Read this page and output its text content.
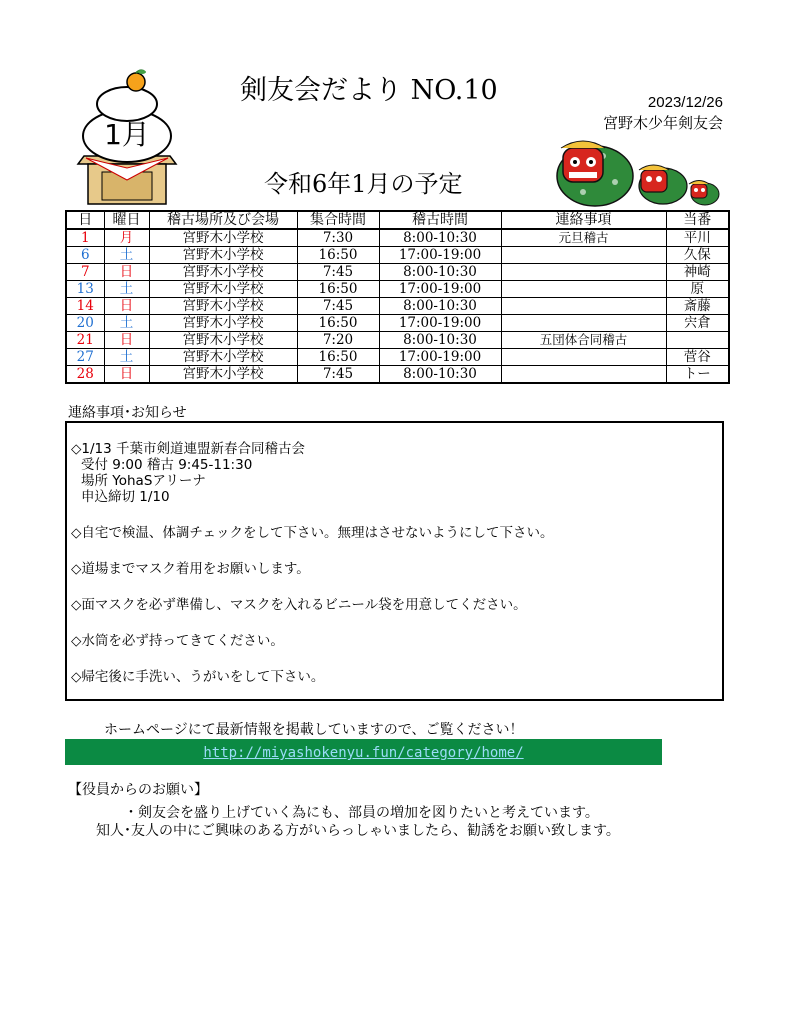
1月
剣友会だより NO.10	2023/12/26
宮野木少年剣友会
令和6年1月の予定
日	曜日	稽古場所及び会場	集合時間	稽古時間	連絡事項	当番
1	月	宮野木小学校	7:30	8:00-10:30	元旦稽古	平川
6	土	宮野木小学校	16:50	17:00-19:00		久保
7	日	宮野木小学校	7:45	8:00-10:30		神崎
13	土	宮野木小学校	16:50	17:00-19:00		原
14	日	宮野木小学校	7:45	8:00-10:30		斎藤
20	土	宮野木小学校	16:50	17:00-19:00		宍倉
21	日	宮野木小学校	7:20	8:00-10:30	五団体合同稽古	
27	土	宮野木小学校	16:50	17:00-19:00		菅谷
28	日	宮野木小学校	7:45	8:00-10:30		トー
連絡事項･お知らせ
◇1/13 千葉市剣道連盟新春合同稽古会
受付 9:00 稽古 9:45-11:30
場所 YohaSアリーナ
申込締切 1/10
◇自宅で検温、体調チェックをして下さい。無理はさせないようにして下さい。
◇道場までマスク着用をお願いします。
◇面マスクを必ず準備し、マスクを入れるビニール袋を用意してください。
◇水筒を必ず持ってきてください。
◇帰宅後に手洗い、うがいをして下さい。
ホームページにて最新情報を掲載していますので、ご覧ください！
http://miyashokenyu.fun/category/home/
【役員からのお願い】
・剣友会を盛り上げていく為にも、部員の増加を図りたいと考えています。
知人･友人の中にご興味のある方がいらっしゃいましたら、勧誘をお願い致します。
